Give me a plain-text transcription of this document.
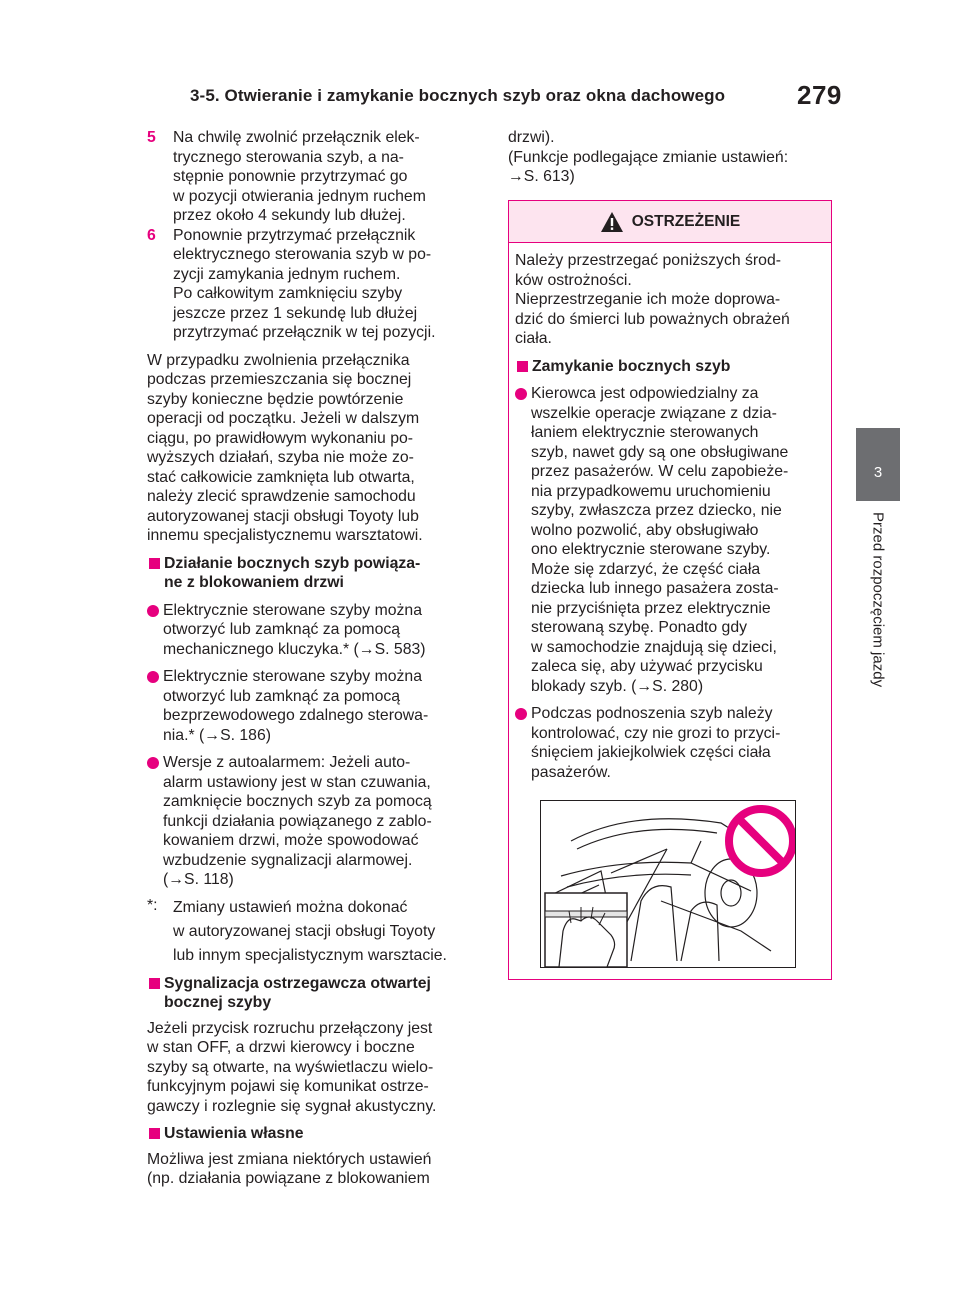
3-5. Otwieranie i zamykanie bocznych szyb oraz okna dachowego	279
3
Przed rozpoczęciem jazdy
5	Na chwilę zwolnić przełącznik elek-
trycznego sterowania szyb, a na-
stępnie ponownie przytrzymać go
w pozycji otwierania jednym ruchem
przez około 4 sekundy lub dłużej.
6	Ponownie przytrzymać przełącznik
elektrycznego sterowania szyb w po-
zycji zamykania jednym ruchem.
Po całkowitym zamknięciu szyby
jeszcze przez 1 sekundę lub dłużej
przytrzymać przełącznik w tej pozycji.

W przypadku zwolnienia przełącznika
podczas przemieszczania się bocznej
szyby konieczne będzie powtórzenie
operacji od początku. Jeżeli w dalszym
ciągu, po prawidłowym wykonaniu po-
wyższych działań, szyba nie może zo-
stać całkowicie zamknięta lub otwarta,
należy zlecić sprawdzenie samochodu
autoryzowanej stacji obsługi Toyoty lub
innemu specjalistycznemu warsztatowi.

Działanie bocznych szyb powiąza-
ne z blokowaniem drzwi
Elektrycznie sterowane szyby można
otworzyć lub zamknąć za pomocą
mechanicznego kluczyka.* (→S. 583)
Elektrycznie sterowane szyby można
otworzyć lub zamknąć za pomocą
bezprzewodowego zdalnego sterowa-
nia.* (→S. 186)
Wersje z autoalarmem: Jeżeli auto-
alarm ustawiony jest w stan czuwania,
zamknięcie bocznych szyb za pomocą
funkcji działania powiązanego z zablo-
kowaniem drzwi, może spowodować
wzbudzenie sygnalizacji alarmowej.
(→S. 118)
*: Zmiany ustawień można dokonać
w autoryzowanej stacji obsługi Toyoty
lub innym specjalistycznym warsztacie.
Sygnalizacja ostrzegawcza otwartej
bocznej szyby

Jeżeli przycisk rozruchu przełączony jest
w stan OFF, a drzwi kierowcy i boczne
szyby są otwarte, na wyświetlaczu wielo-
funkcyjnym pojawi się komunikat ostrze-
gawczy i rozlegnie się sygnał akustyczny.

Ustawienia własne

Możliwa jest zmiana niektórych ustawień
(np. działania powiązane z blokowaniem

drzwi).
(Funkcje podlegające zmianie ustawień:
→S. 613)

OSTRZEŻENIE

Należy przestrzegać poniższych środ-
ków ostrożności.
Nieprzestrzeganie ich może doprowa-
dzić do śmierci lub poważnych obrażeń
ciała.

Zamykanie bocznych szyb
Kierowca jest odpowiedzialny za
wszelkie operacje związane z dzia-
łaniem elektrycznie sterowanych
szyb, nawet gdy są one obsługiwane
przez pasażerów. W celu zapobieże-
nia przypadkowemu uruchomieniu
szyby, zwłaszcza przez dziecko, nie
wolno pozwolić, aby obsługiwało
ono elektrycznie sterowane szyby.
Może się zdarzyć, że część ciała
dziecka lub innego pasażera zosta-
nie przyciśnięta przez elektrycznie
sterowaną szybę. Ponadto gdy
w samochodzie znajdują się dzieci,
zaleca się, aby używać przycisku
blokady szyb. (→S. 280)
Podczas podnoszenia szyb należy
kontrolować, czy nie grozi to przyci-
śnięciem jakiejkolwiek części ciała
pasażerów.
